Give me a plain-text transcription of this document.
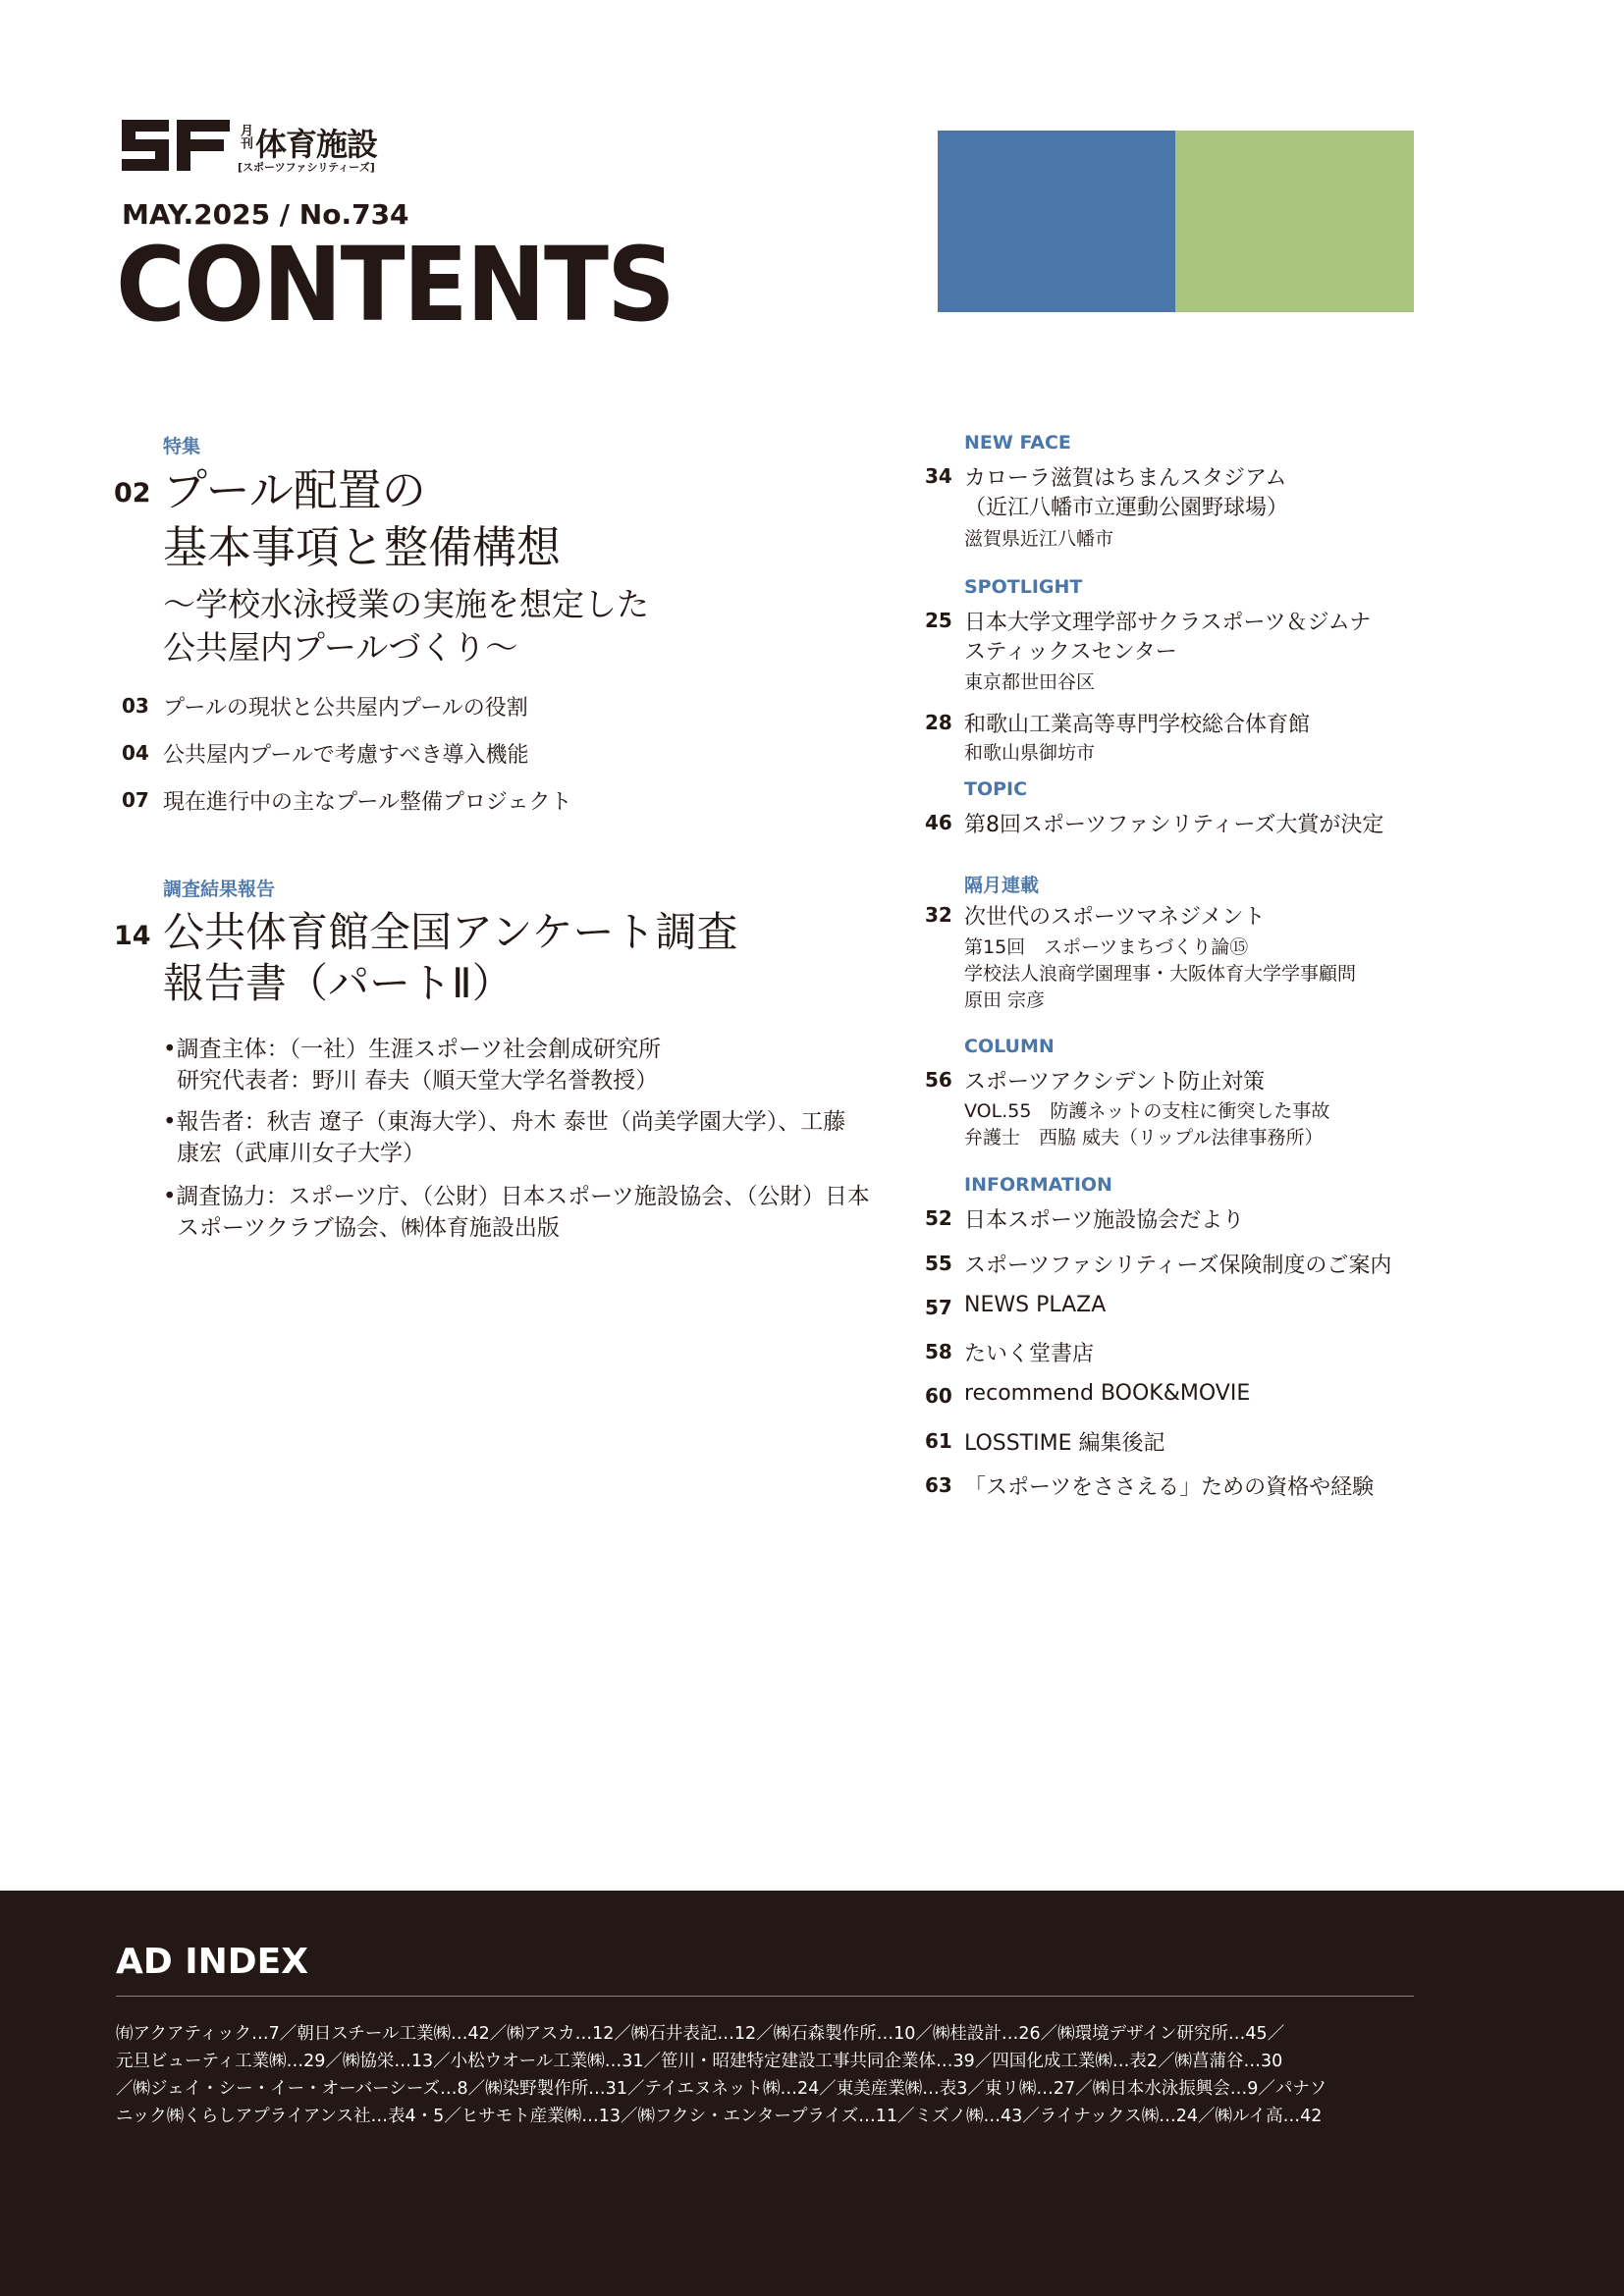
月刊 体育施設
[スポーツファシリティーズ]
MAY.2025 / No.734
CONTENTS
特集
02 プール配置の
基本事項と整備構想
～学校水泳授業の実施を想定した
公共屋内プールづくり～
03 プールの現状と公共屋内プールの役割
04 公共屋内プールで考慮すべき導入機能
07 現在進行中の主なプール整備プロジェクト
調査結果報告
14 公共体育館全国アンケート調査
報告書（パートⅡ）
•調査主体：（一社）生涯スポーツ社会創成研究所
研究代表者：野川 春夫（順天堂大学名誉教授）
•報告者：秋吉 遼子（東海大学）、舟木 泰世（尚美学園大学）、工藤
康宏（武庫川女子大学）
•調査協力：スポーツ庁、（公財）日本スポーツ施設協会、（公財）日本
スポーツクラブ協会、㈱体育施設出版
NEW FACE
34 カローラ滋賀はちまんスタジアム
（近江八幡市立運動公園野球場）
滋賀県近江八幡市
SPOTLIGHT
25 日本大学文理学部サクラスポーツ＆ジムナ
スティックスセンター
東京都世田谷区
28 和歌山工業高等専門学校総合体育館
和歌山県御坊市
TOPIC
46 第8回スポーツファシリティーズ大賞が決定
隔月連載
32 次世代のスポーツマネジメント
第15回　スポーツまちづくり論⑮
学校法人浪商学園理事・大阪体育大学学事顧問
原田 宗彦
COLUMN
56 スポーツアクシデント防止対策
VOL.55　防護ネットの支柱に衝突した事故
弁護士　西脇 威夫（リップル法律事務所）
INFORMATION
52 日本スポーツ施設協会だより
55 スポーツファシリティーズ保険制度のご案内
57 NEWS PLAZA
58 たいく堂書店
60 recommend BOOK&MOVIE
61 LOSSTIME 編集後記
63 「スポーツをささえる」ための資格や経験
AD INDEX
㈲アクアティック…7／朝日スチール工業㈱…42／㈱アスカ…12／㈱石井表記…12／㈱石森製作所…10／㈱桂設計…26／㈱環境デザイン研究所…45／
元旦ビューティ工業㈱…29／㈱協栄…13／小松ウオール工業㈱…31／笹川・昭建特定建設工事共同企業体…39／四国化成工業㈱…表2／㈱菖蒲谷…30
／㈱ジェイ・シー・イー・オーバーシーズ…8／㈱染野製作所…31／テイエヌネット㈱…24／東美産業㈱…表3／東リ㈱…27／㈱日本水泳振興会…9／パナソ
ニック㈱くらしアプライアンス社…表4・5／ヒサモト産業㈱…13／㈱フクシ・エンタープライズ…11／ミズノ㈱…43／ライナックス㈱…24／㈱ルイ高…42
